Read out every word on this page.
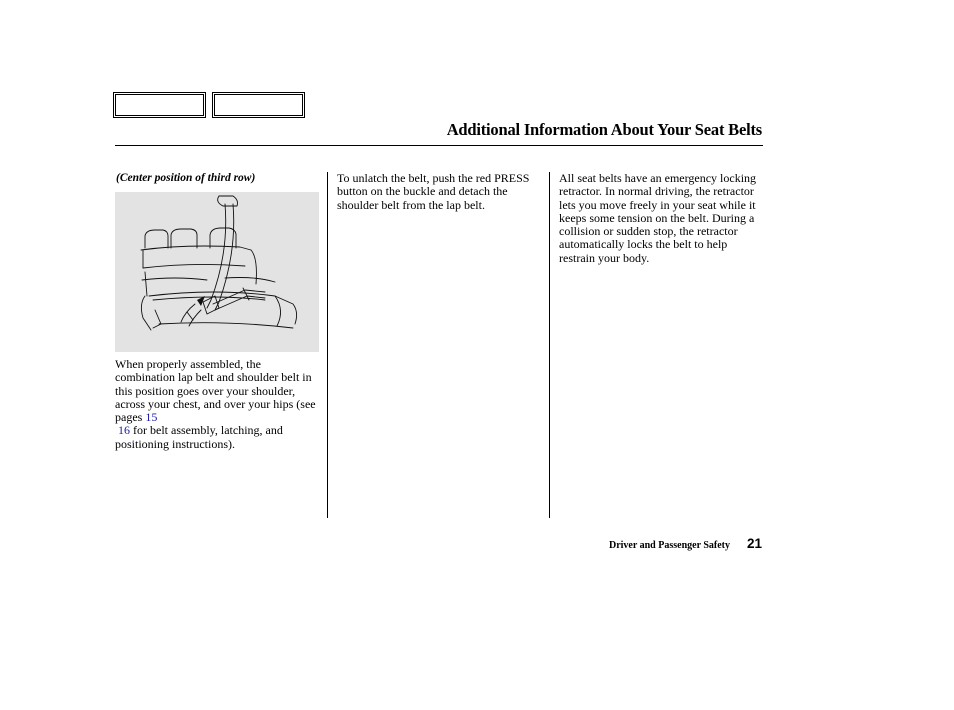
Additional Information About Your Seat Belts
(Center position of third row)
When properly assembled, the combination lap belt and shoulder belt in this position goes over your shoulder, across your chest, and over your hips (see pages 15
16 for belt assembly, latching, and positioning instructions).
To unlatch the belt, push the red PRESS button on the buckle and detach the shoulder belt from the lap belt.
All seat belts have an emergency locking retractor. In normal driving, the retractor lets you move freely in your seat while it keeps some tension on the belt. During a collision or sudden stop, the retractor automatically locks the belt to help restrain your body.
Driver and Passenger Safety 21
